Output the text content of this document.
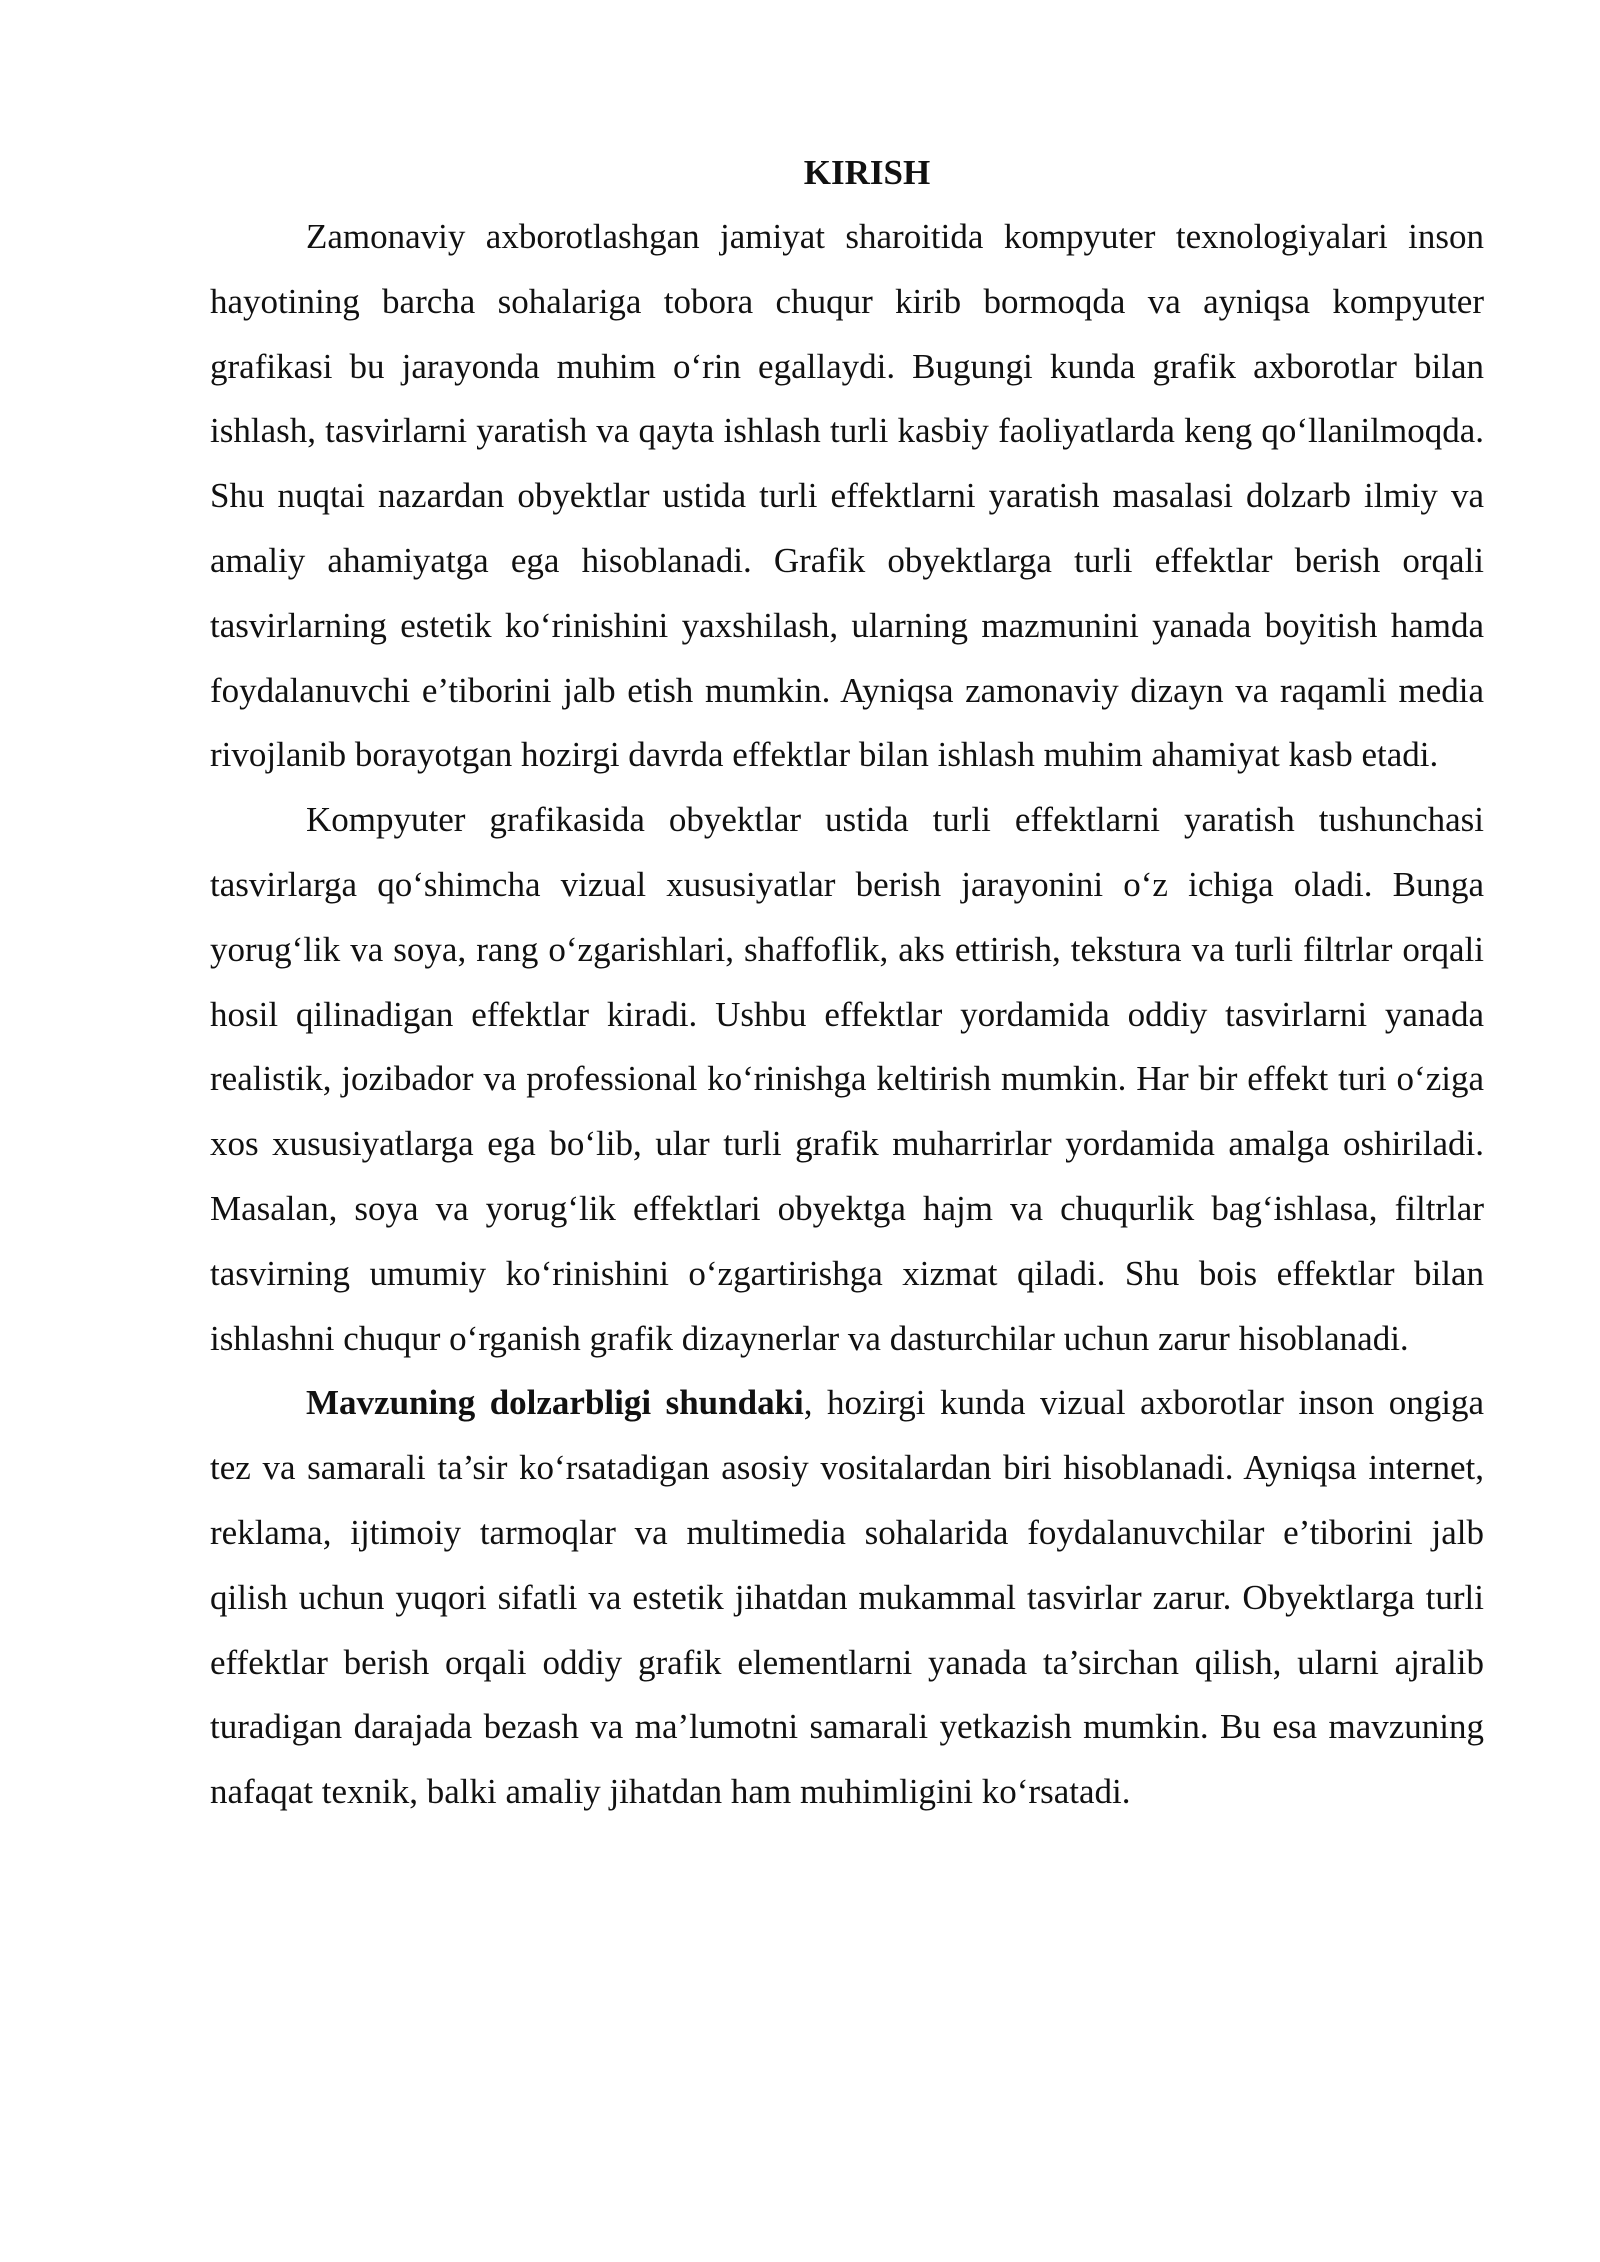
KIRISH

Zamonaviy axborotlashgan jamiyat sharoitida kompyuter texnologiyalari inson hayotining barcha sohalariga tobora chuqur kirib bormoqda va ayniqsa kompyuter grafikasi bu jarayonda muhim o‘rin egallaydi. Bugungi kunda grafik axborotlar bilan ishlash, tasvirlarni yaratish va qayta ishlash turli kasbiy faoliyatlarda keng qo‘llanilmoqda. Shu nuqtai nazardan obyektlar ustida turli effektlarni yaratish masalasi dolzarb ilmiy va amaliy ahamiyatga ega hisoblanadi. Grafik obyektlarga turli effektlar berish orqali tasvirlarning estetik ko‘rinishini yaxshilash, ularning mazmunini yanada boyitish hamda foydalanuvchi e’tiborini jalb etish mumkin. Ayniqsa zamonaviy dizayn va raqamli media rivojlanib borayotgan hozirgi davrda effektlar bilan ishlash muhim ahamiyat kasb etadi.

Kompyuter grafikasida obyektlar ustida turli effektlarni yaratish tushunchasi tasvirlarga qo‘shimcha vizual xususiyatlar berish jarayonini o‘z ichiga oladi. Bunga yorug‘lik va soya, rang o‘zgarishlari, shaffoflik, aks ettirish, tekstura va turli filtrlar orqali hosil qilinadigan effektlar kiradi. Ushbu effektlar yordamida oddiy tasvirlarni yanada realistik, jozibador va professional ko‘rinishga keltirish mumkin. Har bir effekt turi o‘ziga xos xususiyatlarga ega bo‘lib, ular turli grafik muharrirlar yordamida amalga oshiriladi. Masalan, soya va yorug‘lik effektlari obyektga hajm va chuqurlik bag‘ishlasa, filtrlar tasvirning umumiy ko‘rinishini o‘zgartirishga xizmat qiladi. Shu bois effektlar bilan ishlashni chuqur o‘rganish grafik dizaynerlar va dasturchilar uchun zarur hisoblanadi.

Mavzuning dolzarbligi shundaki, hozirgi kunda vizual axborotlar inson ongiga tez va samarali ta’sir ko‘rsatadigan asosiy vositalardan biri hisoblanadi. Ayniqsa internet, reklama, ijtimoiy tarmoqlar va multimedia sohalarida foydalanuvchilar e’tiborini jalb qilish uchun yuqori sifatli va estetik jihatdan mukammal tasvirlar zarur. Obyektlarga turli effektlar berish orqali oddiy grafik elementlarni yanada ta’sirchan qilish, ularni ajralib turadigan darajada bezash va ma’lumotni samarali yetkazish mumkin. Bu esa mavzuning nafaqat texnik, balki amaliy jihatdan ham muhimligini ko‘rsatadi.
